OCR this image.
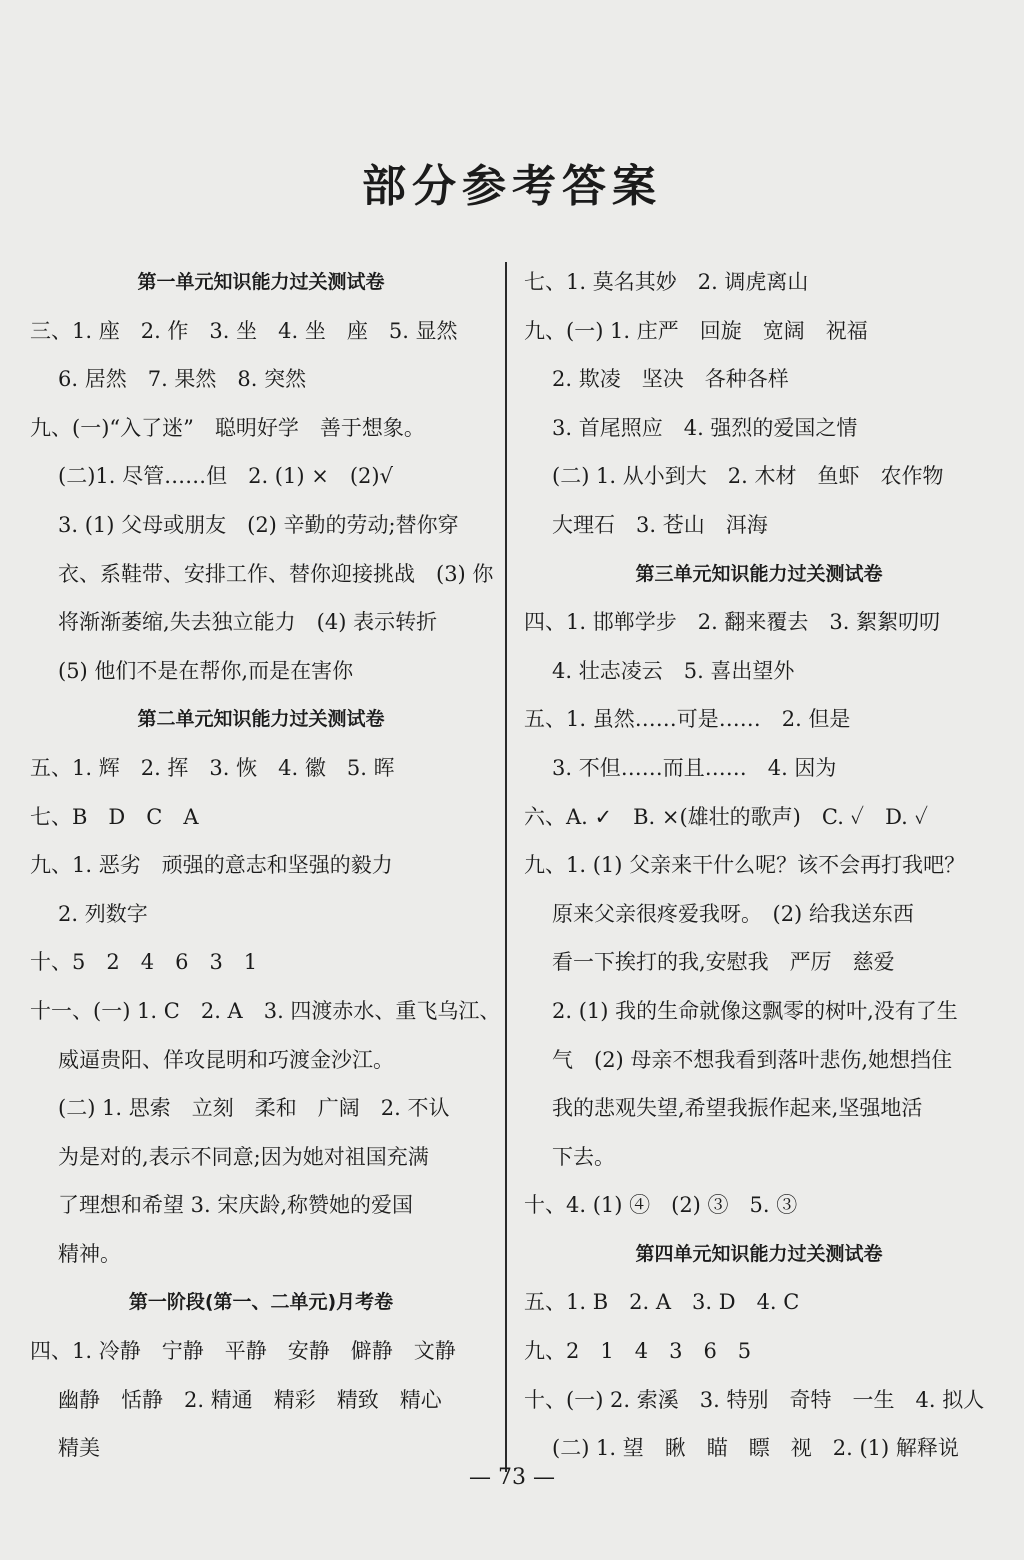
部分参考答案
第一单元知识能力过关测试卷
三、1. 座　2. 作　3. 坐　4. 坐　座　5. 显然
6. 居然　7. 果然　8. 突然
九、(一)“入了迷”　聪明好学　善于想象。
(二)1. 尽管……但　2. (1) ×　(2)√
3. (1) 父母或朋友　(2) 辛勤的劳动;替你穿
衣、系鞋带、安排工作、替你迎接挑战　(3) 你
将渐渐萎缩,失去独立能力　(4) 表示转折
(5) 他们不是在帮你,而是在害你
第二单元知识能力过关测试卷
五、1. 辉　2. 挥　3. 恢　4. 徽　5. 晖
七、B　D　C　A
九、1. 恶劣　顽强的意志和坚强的毅力
2. 列数字
十、5　2　4　6　3　1
十一、(一) 1. C　2. A　3. 四渡赤水、重飞乌江、
威逼贵阳、佯攻昆明和巧渡金沙江。
(二) 1. 思索　立刻　柔和　广阔　2. 不认
为是对的,表示不同意;因为她对祖国充满
了理想和希望 3. 宋庆龄,称赞她的爱国
精神。
第一阶段(第一、二单元)月考卷
四、1. 冷静　宁静　平静　安静　僻静　文静
幽静　恬静　2. 精通　精彩　精致　精心
精美
七、1. 莫名其妙　2. 调虎离山
九、(一) 1. 庄严　回旋　宽阔　祝福
2. 欺凌　坚决　各种各样
3. 首尾照应　4. 强烈的爱国之情
(二) 1. 从小到大　2. 木材　鱼虾　农作物
大理石　3. 苍山　洱海
第三单元知识能力过关测试卷
四、1. 邯郸学步　2. 翻来覆去　3. 絮絮叨叨
4. 壮志凌云　5. 喜出望外
五、1. 虽然……可是……　2. 但是
3. 不但……而且……　4. 因为
六、A. ✓　B. ×(雄壮的歌声)　C. ✓　D. ✓
九、1. (1) 父亲来干什么呢？该不会再打我吧？
原来父亲很疼爱我呀。　(2) 给我送东西
看一下挨打的我,安慰我　严厉　慈爱
2. (1) 我的生命就像这飘零的树叶,没有了生
气　(2) 母亲不想我看到落叶悲伤,她想挡住
我的悲观失望,希望我振作起来,坚强地活
下去。
十、4. (1) ④　(2) ③　5. ③
第四单元知识能力过关测试卷
五、1. B　2. A　3. D　4. C
九、2　1　4　3　6　5
十、(一) 2. 索溪　3. 特别　奇特　一生　4. 拟人
(二) 1. 望　瞅　瞄　瞟　视　2. (1) 解释说
— 73 —
